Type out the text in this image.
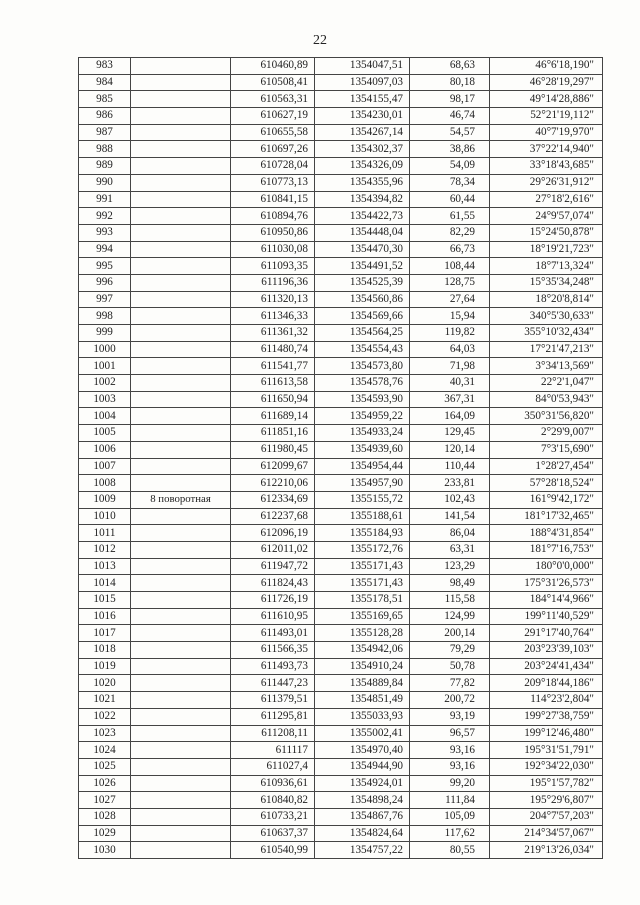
22
983		610460,89	1354047,51	68,63	46°6'18,190"
984		610508,41	1354097,03	80,18	46°28'19,297"
985		610563,31	1354155,47	98,17	49°14'28,886"
986		610627,19	1354230,01	46,74	52°21'19,112"
987		610655,58	1354267,14	54,57	40°7'19,970"
988		610697,26	1354302,37	38,86	37°22'14,940"
989		610728,04	1354326,09	54,09	33°18'43,685"
990		610773,13	1354355,96	78,34	29°26'31,912"
991		610841,15	1354394,82	60,44	27°18'2,616"
992		610894,76	1354422,73	61,55	24°9'57,074"
993		610950,86	1354448,04	82,29	15°24'50,878"
994		611030,08	1354470,30	66,73	18°19'21,723"
995		611093,35	1354491,52	108,44	18°7'13,324"
996		611196,36	1354525,39	128,75	15°35'34,248"
997		611320,13	1354560,86	27,64	18°20'8,814"
998		611346,33	1354569,66	15,94	340°5'30,633"
999		611361,32	1354564,25	119,82	355°10'32,434"
1000		611480,74	1354554,43	64,03	17°21'47,213"
1001		611541,77	1354573,80	71,98	3°34'13,569"
1002		611613,58	1354578,76	40,31	22°2'1,047"
1003		611650,94	1354593,90	367,31	84°0'53,943"
1004		611689,14	1354959,22	164,09	350°31'56,820"
1005		611851,16	1354933,24	129,45	2°29'9,007"
1006		611980,45	1354939,60	120,14	7°3'15,690"
1007		612099,67	1354954,44	110,44	1°28'27,454"
1008		612210,06	1354957,90	233,81	57°28'18,524"
1009	8 поворотная	612334,69	1355155,72	102,43	161°9'42,172"
1010		612237,68	1355188,61	141,54	181°17'32,465"
1011		612096,19	1355184,93	86,04	188°4'31,854"
1012		612011,02	1355172,76	63,31	181°7'16,753"
1013		611947,72	1355171,43	123,29	180°0'0,000"
1014		611824,43	1355171,43	98,49	175°31'26,573"
1015		611726,19	1355178,51	115,58	184°14'4,966"
1016		611610,95	1355169,65	124,99	199°11'40,529"
1017		611493,01	1355128,28	200,14	291°17'40,764"
1018		611566,35	1354942,06	79,29	203°23'39,103"
1019		611493,73	1354910,24	50,78	203°24'41,434"
1020		611447,23	1354889,84	77,82	209°18'44,186"
1021		611379,51	1354851,49	200,72	114°23'2,804"
1022		611295,81	1355033,93	93,19	199°27'38,759"
1023		611208,11	1355002,41	96,57	199°12'46,480"
1024		611117	1354970,40	93,16	195°31'51,791"
1025		611027,4	1354944,90	93,16	192°34'22,030"
1026		610936,61	1354924,01	99,20	195°1'57,782"
1027		610840,82	1354898,24	111,84	195°29'6,807"
1028		610733,21	1354867,76	105,09	204°7'57,203"
1029		610637,37	1354824,64	117,62	214°34'57,067"
1030		610540,99	1354757,22	80,55	219°13'26,034"
